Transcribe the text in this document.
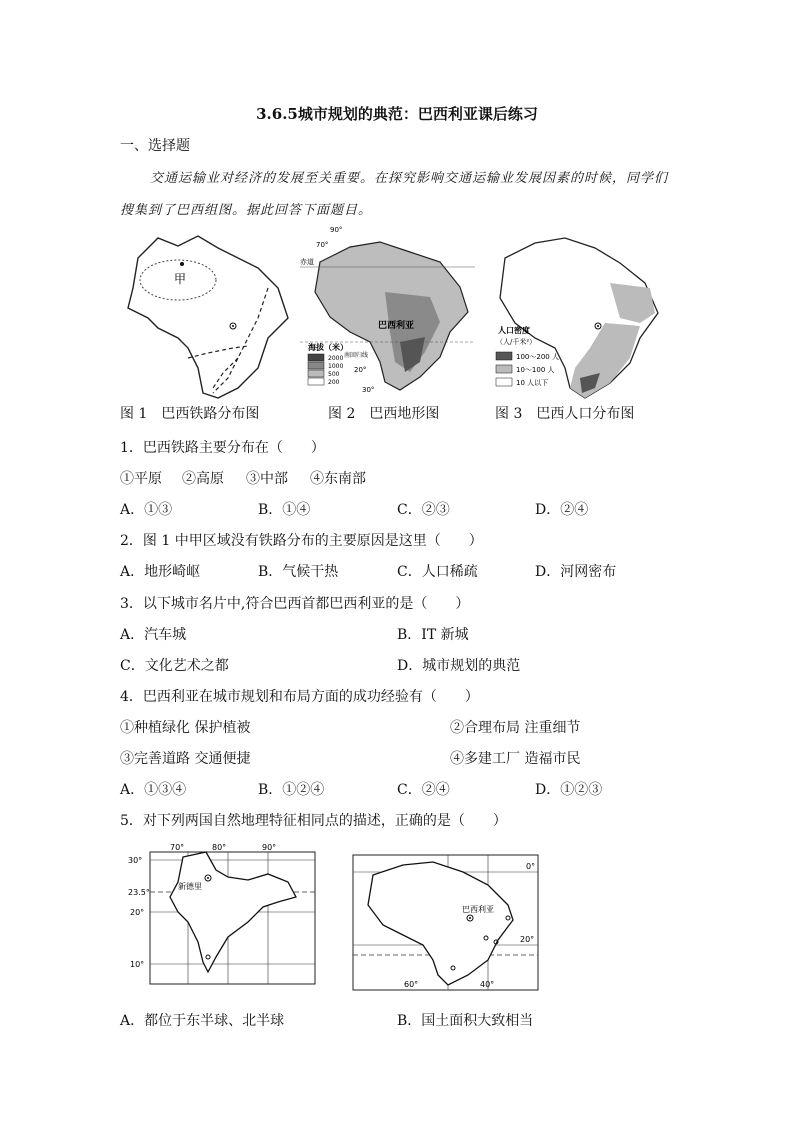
3.6.5城市规划的典范：巴西利亚课后练习
一、选择题
交通运输业对经济的发展至关重要。在探究影响交通运输业发展因素的时候，同学们
搜集到了巴西组图。据此回答下面题目。
甲
图 1　巴西铁路分布图
90°
70°
赤道
巴西利亚
南回归线
20°
30°
海拔（米）
2000
1000
500
200
图 2　巴西地形图
人口密度
（人/千米²）
100～200 人
10～100 人
10 人以下
图 3　巴西人口分布图
1．巴西铁路主要分布在（　　）
①平原 ②高原 ③中部 ④东南部
A．①③	B．①④	C．②③	D．②④
2．图 1 中甲区域没有铁路分布的主要原因是这里（　　）
A．地形崎岖	B．气候干热	C．人口稀疏	D．河网密布
3．以下城市名片中,符合巴西首都巴西利亚的是（　　）
A．汽车城	B．IT 新城
C．文化艺术之都	D．城市规划的典范
4．巴西利亚在城市规划和布局方面的成功经验有（　　）
①种植绿化 保护植被	②合理布局 注重细节
③完善道路 交通便捷	④多建工厂 造福市民
A．①③④	B．①②④	C．②④	D．①②③
5．对下列两国自然地理特征相同点的描述，正确的是（　　）
70°	80°	90°
30°
23.5°
20°
10°
新德里
0°
20°
60°	40°
巴西利亚
A．都位于东半球、北半球	B．国土面积大致相当
